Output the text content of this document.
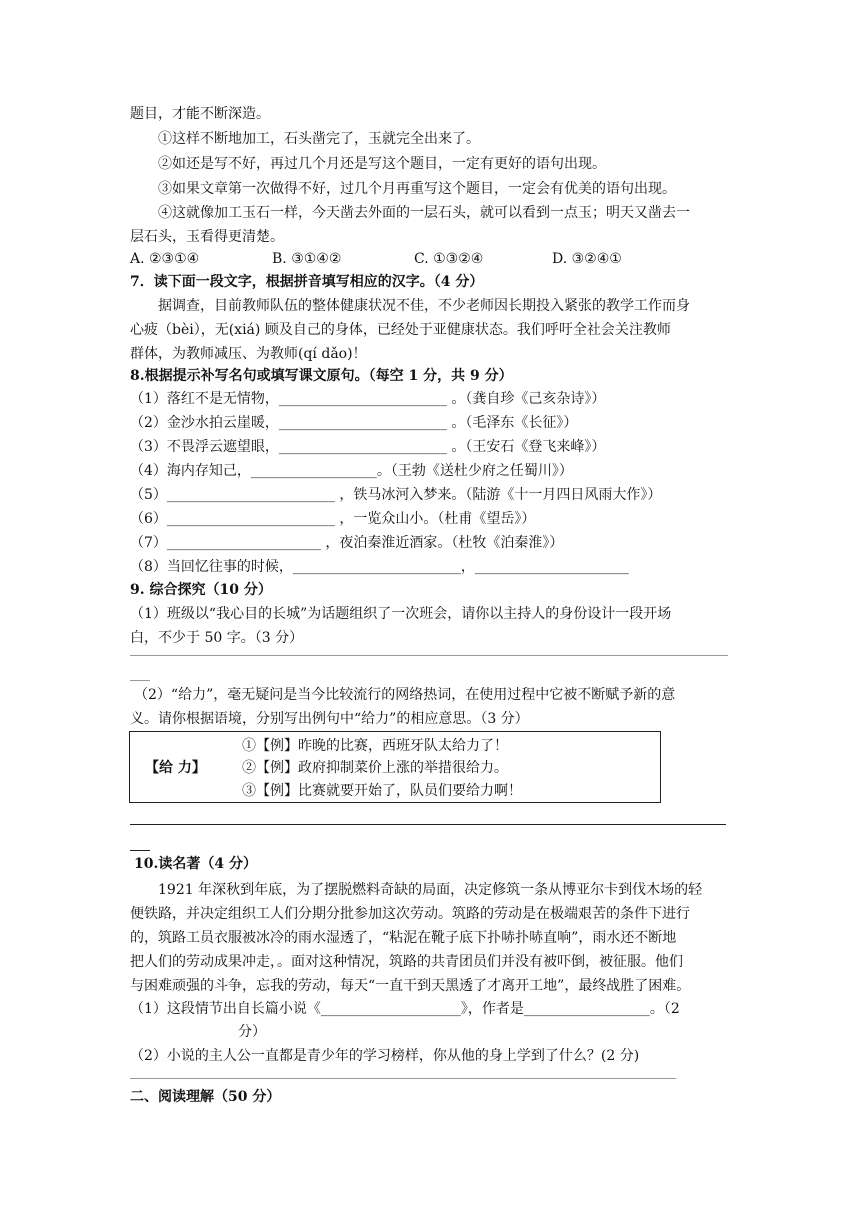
题目，才能不断深造。
①这样不断地加工，石头凿完了，玉就完全出来了。
②如还是写不好，再过几个月还是写这个题目，一定有更好的语句出现。
③如果文章第一次做得不好，过几个月再重写这个题目，一定会有优美的语句出现。
④这就像加工玉石一样，今天凿去外面的一层石头，就可以看到一点玉；明天又凿去一
层石头，玉看得更清楚。
A. ②③①④	B. ③①④②	C. ①③②④	D. ③②④①
7．读下面一段文字，根据拼音填写相应的汉字。（4 分）
据调查，目前教师队伍的整体健康状况不佳，不少老师因长期投入紧张的教学工作而身
心疲（bèi），无(xiá) 顾及自己的身体，已经处于亚健康状态。我们呼吁全社会关注教师
群体，为教师减压、为教师(qí dǎo)！
8.根据提示补写名句或填写课文原句。（每空 1 分，共 9 分）
（1）落红不是无情物，________________________ 。（龚自珍《己亥杂诗》）
（2）金沙水拍云崖暖，________________________ 。（毛泽东《长征》）
（3）不畏浮云遮望眼，________________________ 。（王安石《登飞来峰》）
（4）海内存知己，__________________。（王勃《送杜少府之任蜀川》）
（5）________________________ ，铁马冰河入梦来。（陆游《十一月四日风雨大作》）
（6）________________________ ，一览众山小。（杜甫《望岳》）
（7）______________________ ，夜泊秦淮近酒家。（杜牧《泊秦淮》）
（8）当回忆往事的时候，________________________，______________________
9. 综合探究（10 分）
（1）班级以“我心目的长城”为话题组织了一次班会，请你以主持人的身份设计一段开场
白，不少于 50 字。（3 分）
（2）“给力”，毫无疑问是当今比较流行的网络热词，在使用过程中它被不断赋予新的意
义。请你根据语境，分别写出例句中“给力”的相应意思。（3 分）
【给 力】
①【例】昨晚的比赛，西班牙队太给力了！
②【例】政府抑制菜价上涨的举措很给力。
③【例】比赛就要开始了，队员们要给力啊！
10.读名著（4 分）
1921 年深秋到年底，为了摆脱燃料奇缺的局面，决定修筑一条从博亚尔卡到伐木场的轻
便铁路，并决定组织工人们分期分批参加这次劳动。筑路的劳动是在极端艰苦的条件下进行
的，筑路工员衣服被冰冷的雨水湿透了，“粘泥在靴子底下扑哧扑哧直响”，雨水还不断地
把人们的劳动成果冲走，。面对这种情况，筑路的共青团员们并没有被吓倒，被征服。他们
与困难顽强的斗争，忘我的劳动，每天“一直干到天黑透了才离开工地”，最终战胜了困难。
（1）这段情节出自长篇小说《____________________》，作者是__________________。（2
分）
（2）小说的主人公一直都是青少年的学习榜样，你从他的身上学到了什么？(2 分)
二、阅读理解（50 分）
